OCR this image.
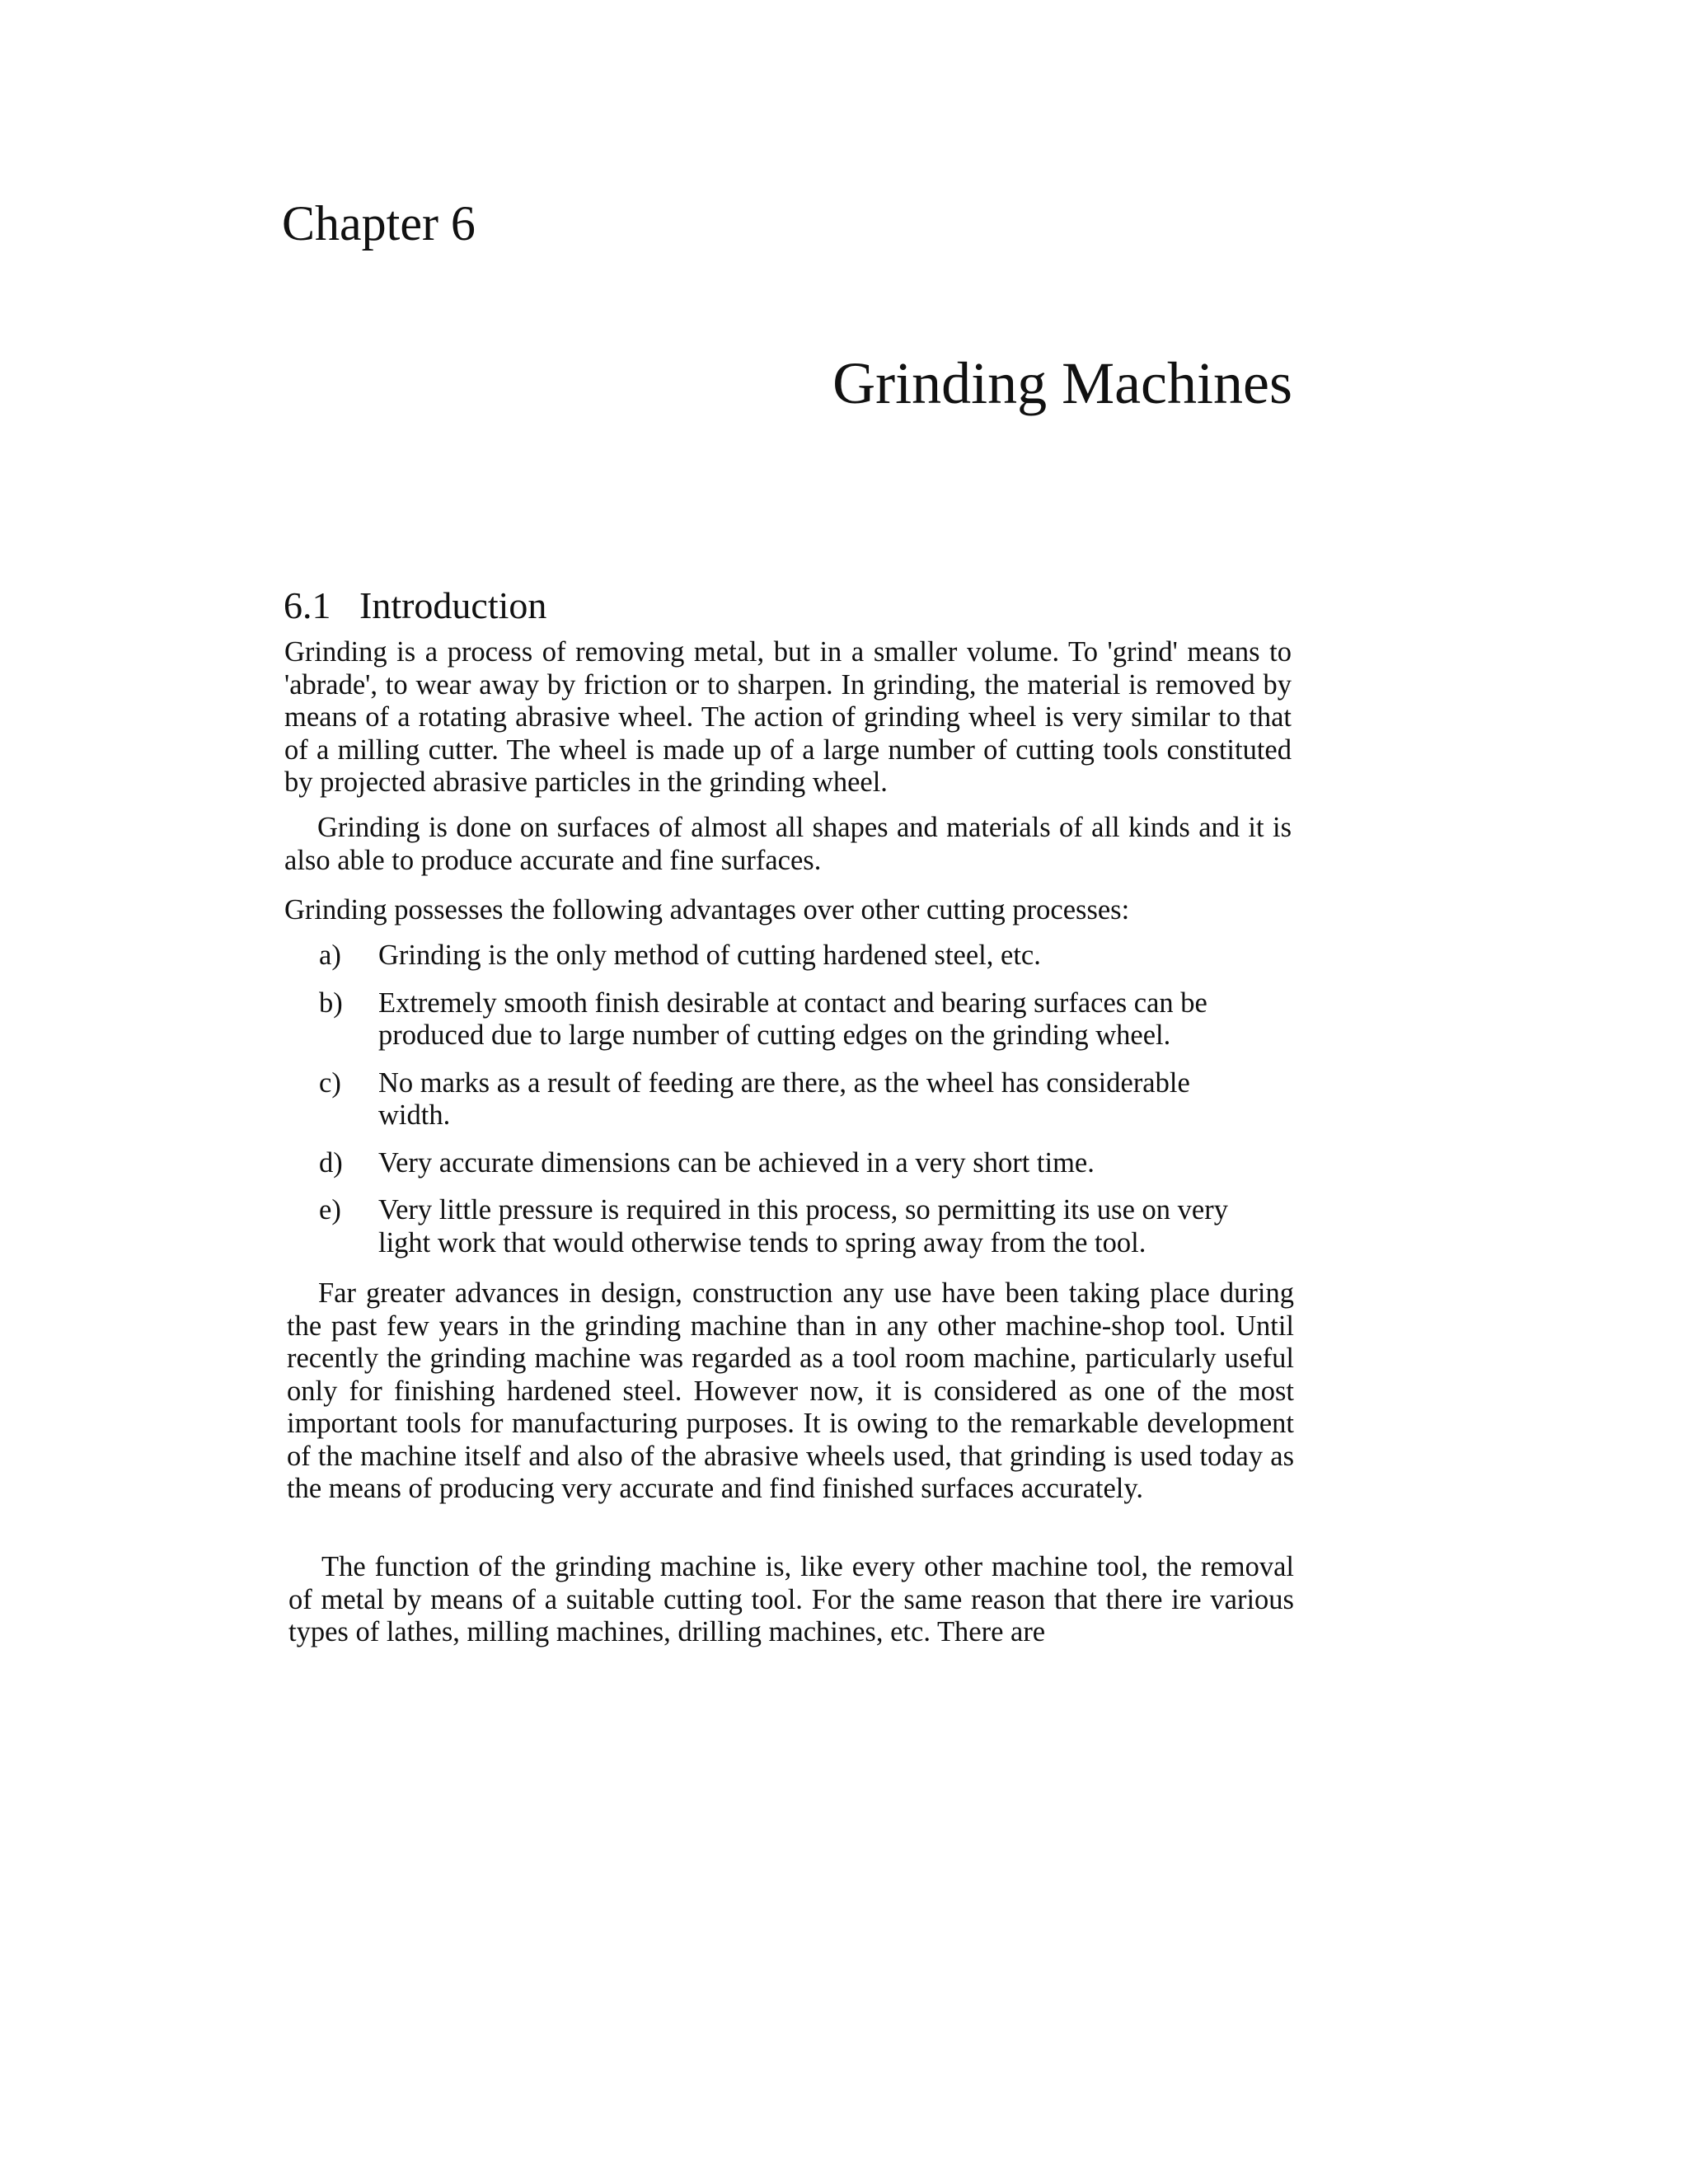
Chapter 6
Grinding Machines
6.1 Introduction

Grinding is a process of removing metal, but in a smaller volume. To 'grind' means to 'abrade', to wear away by friction or to sharpen. In grinding, the material is removed by means of a rotating abrasive wheel. The action of grinding wheel is very similar to that of a milling cutter. The wheel is made up of a large number of cutting tools constituted by projected abrasive particles in the grinding wheel.

Grinding is done on surfaces of almost all shapes and materials of all kinds and it is also able to produce accurate and fine surfaces.

Grinding possesses the following advantages over other cutting processes:

a) Grinding is the only method of cutting hardened steel, etc.
b) Extremely smooth finish desirable at contact and bearing surfaces can be produced due to large number of cutting edges on the grinding wheel.
c) No marks as a result of feeding are there, as the wheel has considerable width.
d) Very accurate dimensions can be achieved in a very short time.
e) Very little pressure is required in this process, so permitting its use on very light work that would otherwise tends to spring away from the tool.

Far greater advances in design, construction any use have been taking place during the past few years in the grinding machine than in any other machine-shop tool. Until recently the grinding machine was regarded as a tool room machine, particularly useful only for finishing hardened steel. However now, it is considered as one of the most important tools for manufacturing purposes. It is owing to the remarkable development of the machine itself and also of the abrasive wheels used, that grinding is used today as the means of producing very accurate and find finished surfaces accurately.

The function of the grinding machine is, like every other machine tool, the removal of metal by means of a suitable cutting tool. For the same reason that there ire various types of lathes, milling machines, drilling machines, etc. There are
